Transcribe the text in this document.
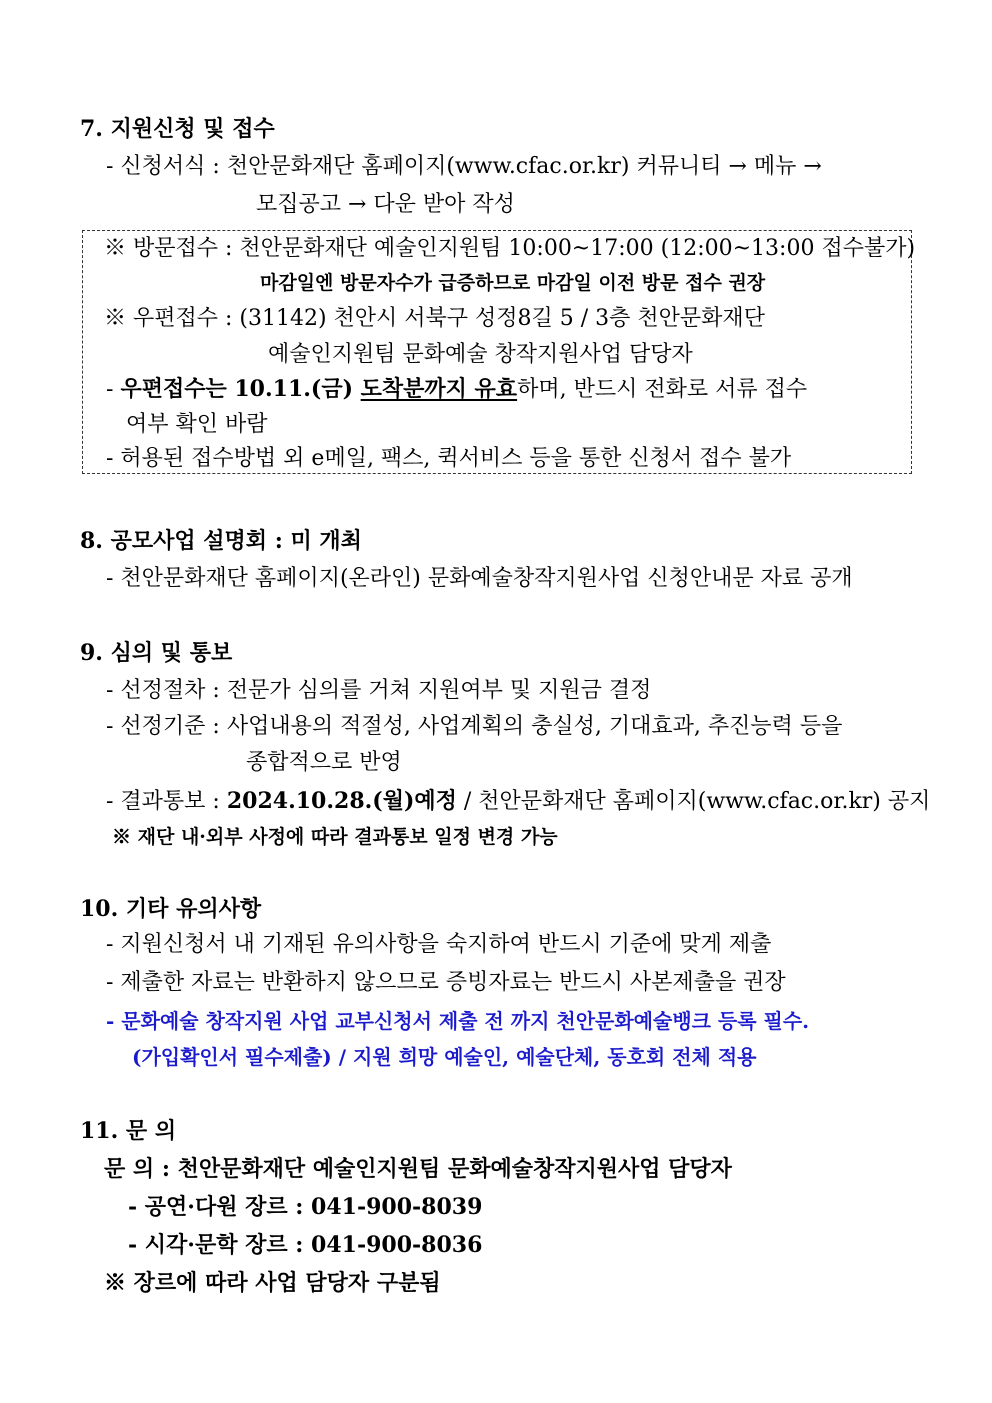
7. 지원신청 및 접수
- 신청서식 : 천안문화재단 홈페이지(www.cfac.or.kr) 커뮤니티 → 메뉴 →
모집공고 → 다운 받아 작성
※ 방문접수 : 천안문화재단 예술인지원팀 10:00~17:00 (12:00~13:00 접수불가)
마감일엔 방문자수가 급증하므로 마감일 이전 방문 접수 권장
※ 우편접수 : (31142) 천안시 서북구 성정8길 5 / 3층 천안문화재단
예술인지원팀 문화예술 창작지원사업 담당자
- 우편접수는 10.11.(금) 도착분까지 유효하며, 반드시 전화로 서류 접수
여부 확인 바람
- 허용된 접수방법 외 e메일, 팩스, 퀵서비스 등을 통한 신청서 접수 불가
8. 공모사업 설명회 : 미 개최
- 천안문화재단 홈페이지(온라인) 문화예술창작지원사업 신청안내문 자료 공개
9. 심의 및 통보
- 선정절차 : 전문가 심의를 거쳐 지원여부 및 지원금 결정
- 선정기준 : 사업내용의 적절성, 사업계획의 충실성, 기대효과, 추진능력 등을
종합적으로 반영
- 결과통보 : 2024.10.28.(월)예정 / 천안문화재단 홈페이지(www.cfac.or.kr) 공지
※ 재단 내·외부 사정에 따라 결과통보 일정 변경 가능
10. 기타 유의사항
- 지원신청서 내 기재된 유의사항을 숙지하여 반드시 기준에 맞게 제출
- 제출한 자료는 반환하지 않으므로 증빙자료는 반드시 사본제출을 권장
- 문화예술 창작지원 사업 교부신청서 제출 전 까지 천안문화예술뱅크 등록 필수.
(가입확인서 필수제출) / 지원 희망 예술인, 예술단체, 동호회 전체 적용
11. 문 의
문 의 : 천안문화재단 예술인지원팀 문화예술창작지원사업 담당자
- 공연·다원 장르 : 041-900-8039
- 시각·문학 장르 : 041-900-8036
※ 장르에 따라 사업 담당자 구분됨
